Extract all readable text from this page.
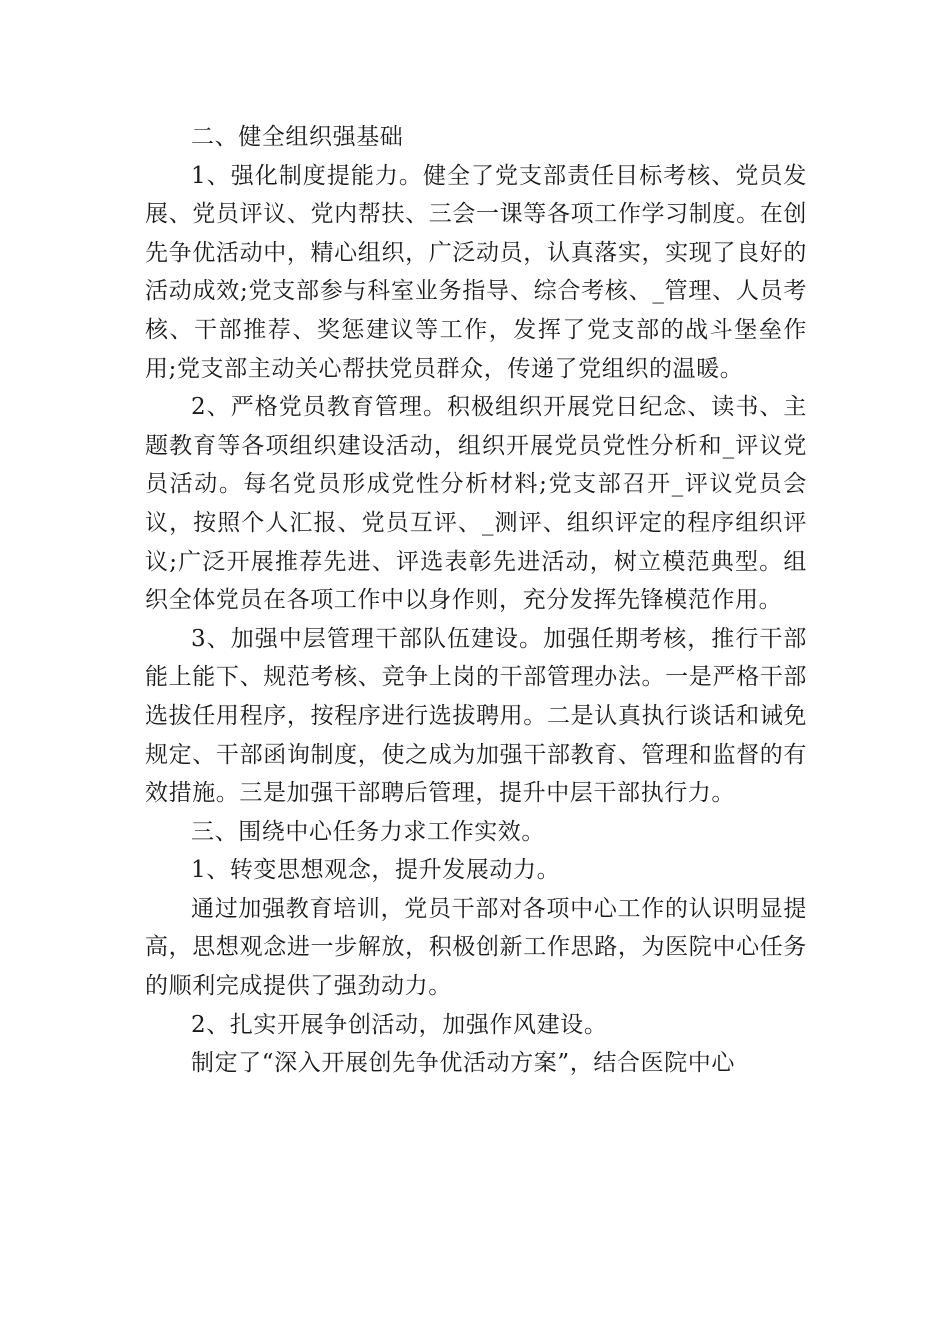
二、健全组织强基础

1、强化制度提能力。健全了党支部责任目标考核、党员发展、党员评议、党内帮扶、三会一课等各项工作学习制度。在创先争优活动中，精心组织，广泛动员，认真落实，实现了良好的活动成效;党支部参与科室业务指导、综合考核、_管理、人员考核、干部推荐、奖惩建议等工作，发挥了党支部的战斗堡垒作用;党支部主动关心帮扶党员群众，传递了党组织的温暖。

2、严格党员教育管理。积极组织开展党日纪念、读书、主题教育等各项组织建设活动，组织开展党员党性分析和_评议党员活动。每名党员形成党性分析材料;党支部召开_评议党员会议，按照个人汇报、党员互评、_测评、组织评定的程序组织评议;广泛开展推荐先进、评选表彰先进活动，树立模范典型。组织全体党员在各项工作中以身作则，充分发挥先锋模范作用。

3、加强中层管理干部队伍建设。加强任期考核，推行干部能上能下、规范考核、竞争上岗的干部管理办法。一是严格干部选拔任用程序，按程序进行选拔聘用。二是认真执行谈话和诫免规定、干部函询制度，使之成为加强干部教育、管理和监督的有效措施。三是加强干部聘后管理，提升中层干部执行力。

三、围绕中心任务力求工作实效。

1、转变思想观念，提升发展动力。

通过加强教育培训，党员干部对各项中心工作的认识明显提高，思想观念进一步解放，积极创新工作思路，为医院中心任务的顺利完成提供了强劲动力。

2、扎实开展争创活动，加强作风建设。

制定了“深入开展创先争优活动方案”，结合医院中心
